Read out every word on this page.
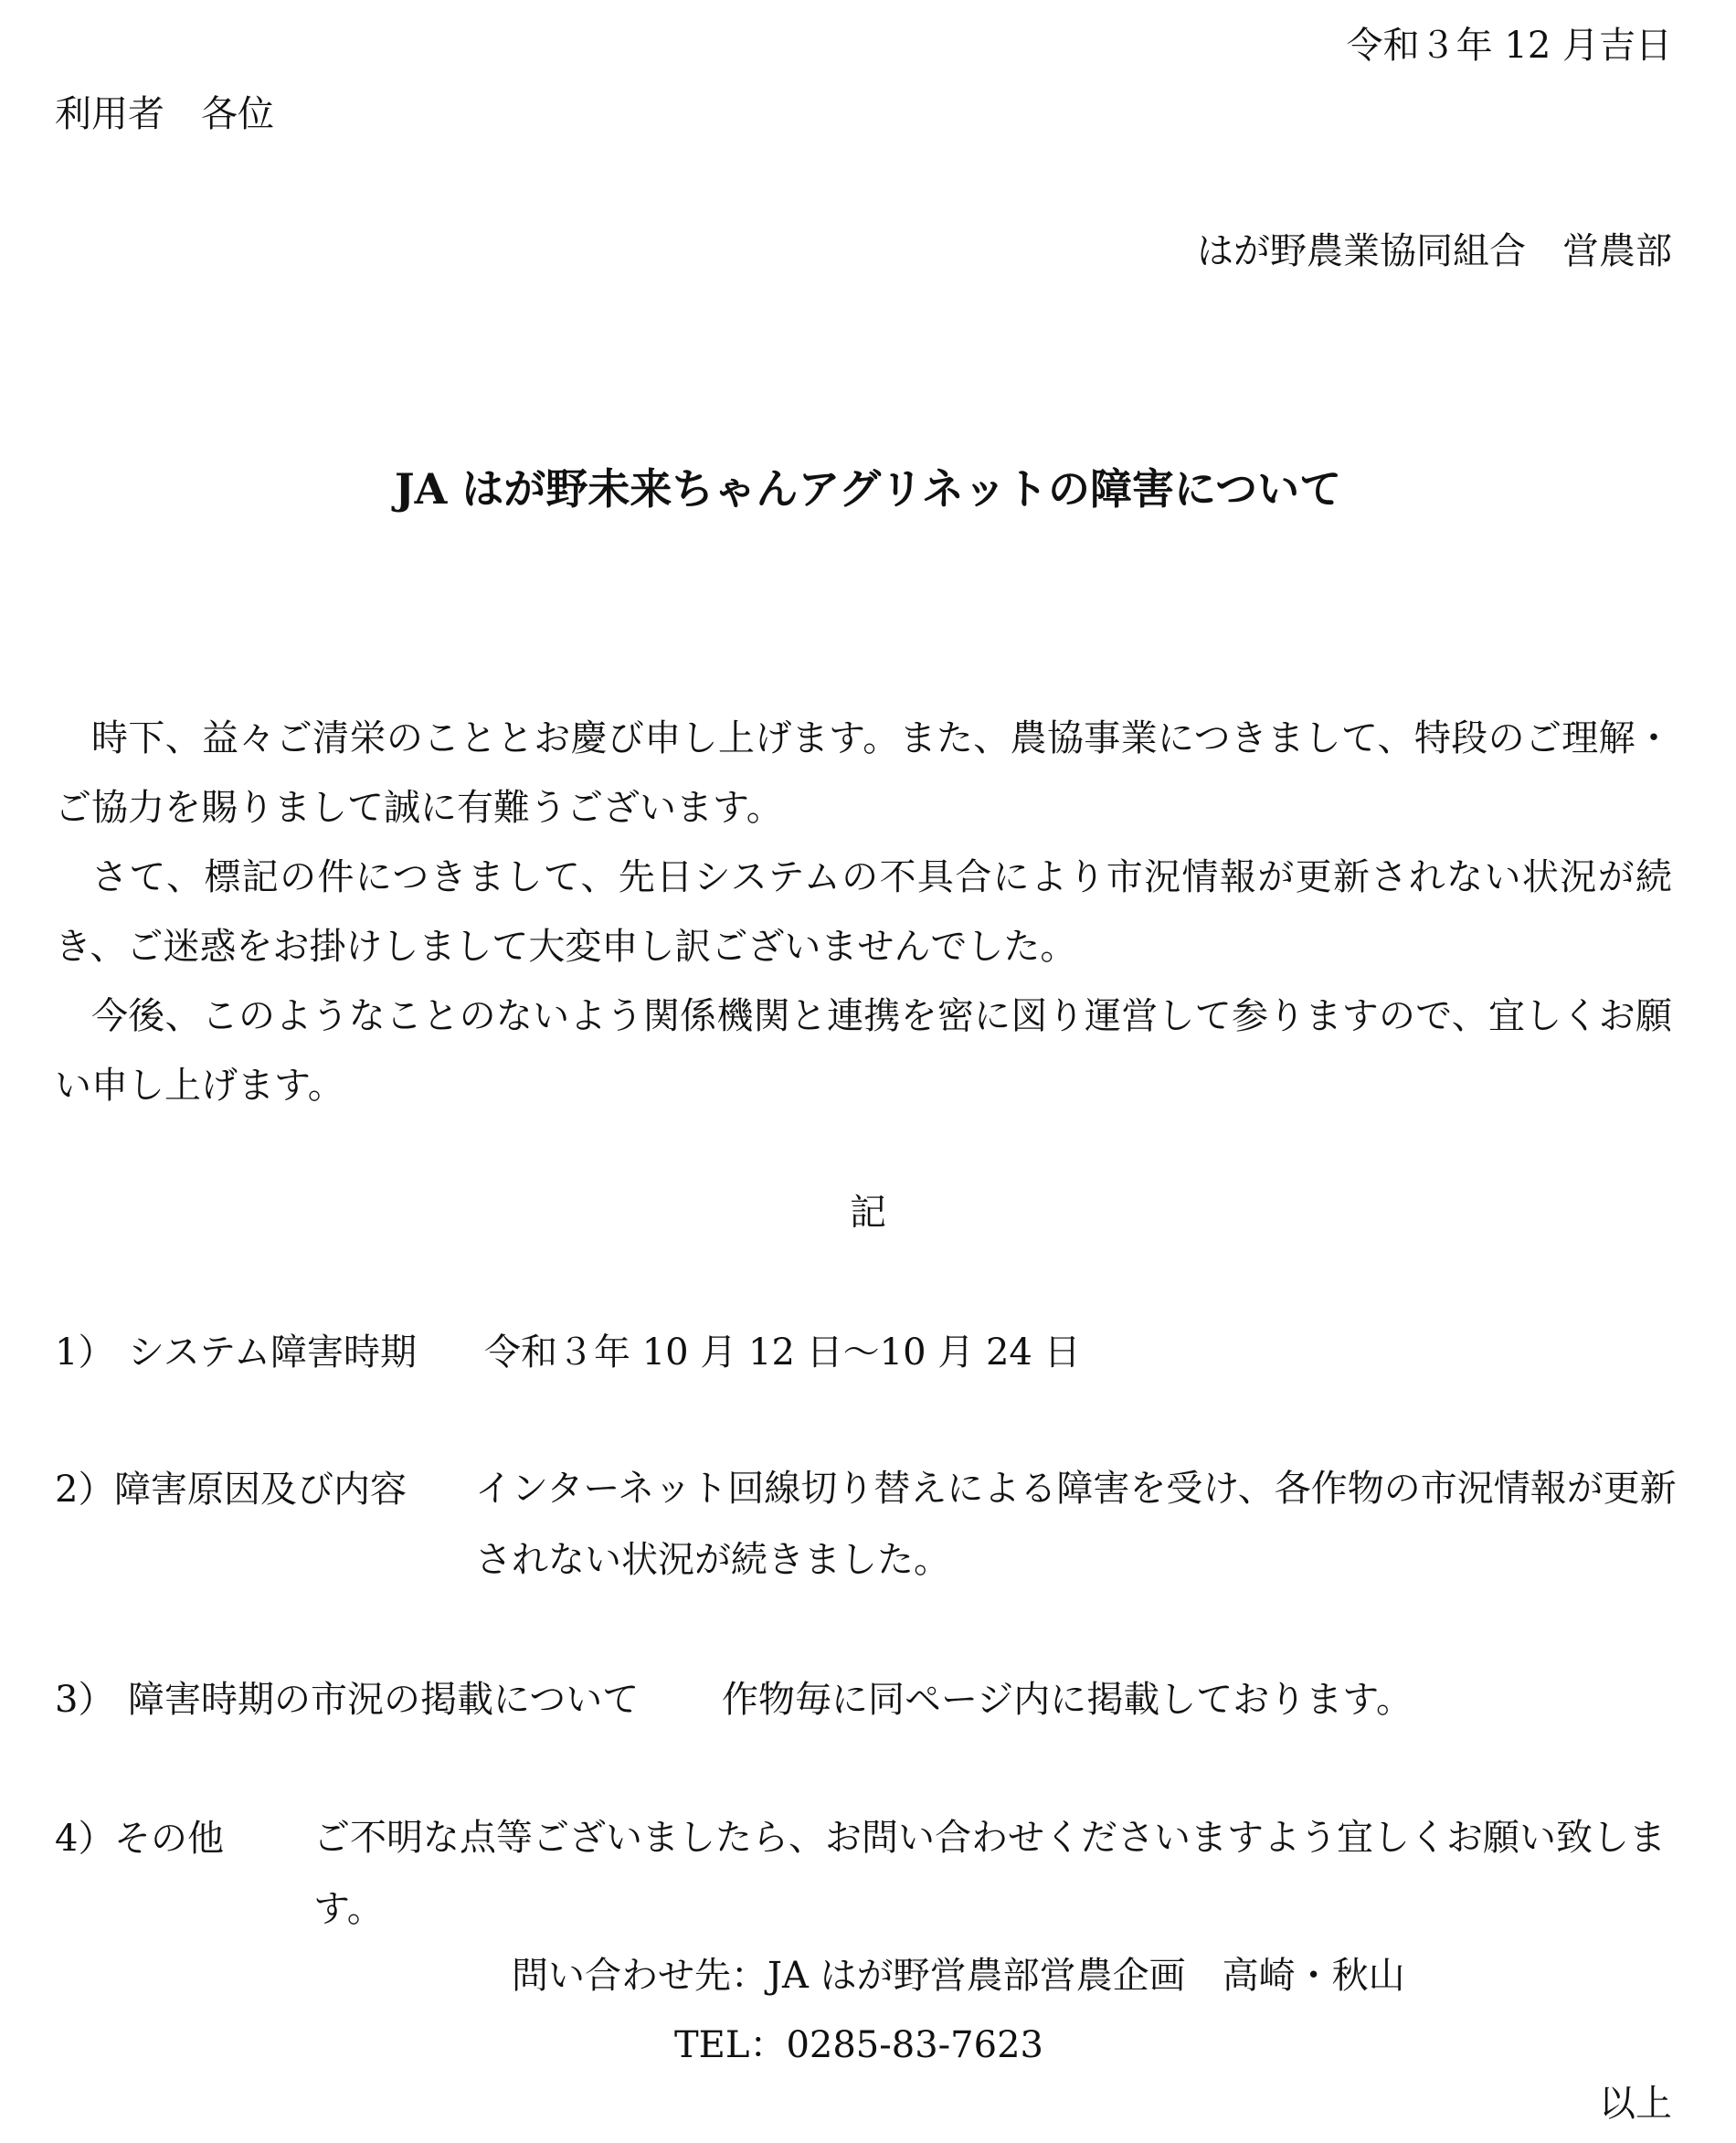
令和３年 12 月吉日
利用者　各位
はが野農業協同組合　営農部
JA はが野未来ちゃんアグリネットの障害について
時下、益々ご清栄のこととお慶び申し上げます。また、農協事業につきまして、特段のご理解・ご協力を賜りまして誠に有難うございます。
さて、標記の件につきまして、先日システムの不具合により市況情報が更新されない状況が続き、ご迷惑をお掛けしまして大変申し訳ございませんでした。
今後、このようなことのないよう関係機関と連携を密に図り運営して参りますので、宜しくお願い申し上げます。
記
1） システム障害時期 令和３年 10 月 12 日～10 月 24 日
2） 障害原因及び内容 インターネット回線切り替えによる障害を受け、各作物の市況情報が更新されない状況が続きました。
3） 障害時期の市況の掲載について 作物毎に同ページ内に掲載しております。
4） その他 ご不明な点等ございましたら、お問い合わせくださいますよう宜しくお願い致します。
問い合わせ先：JA はが野営農部営農企画　高崎・秋山
TEL：0285-83-7623
以上
